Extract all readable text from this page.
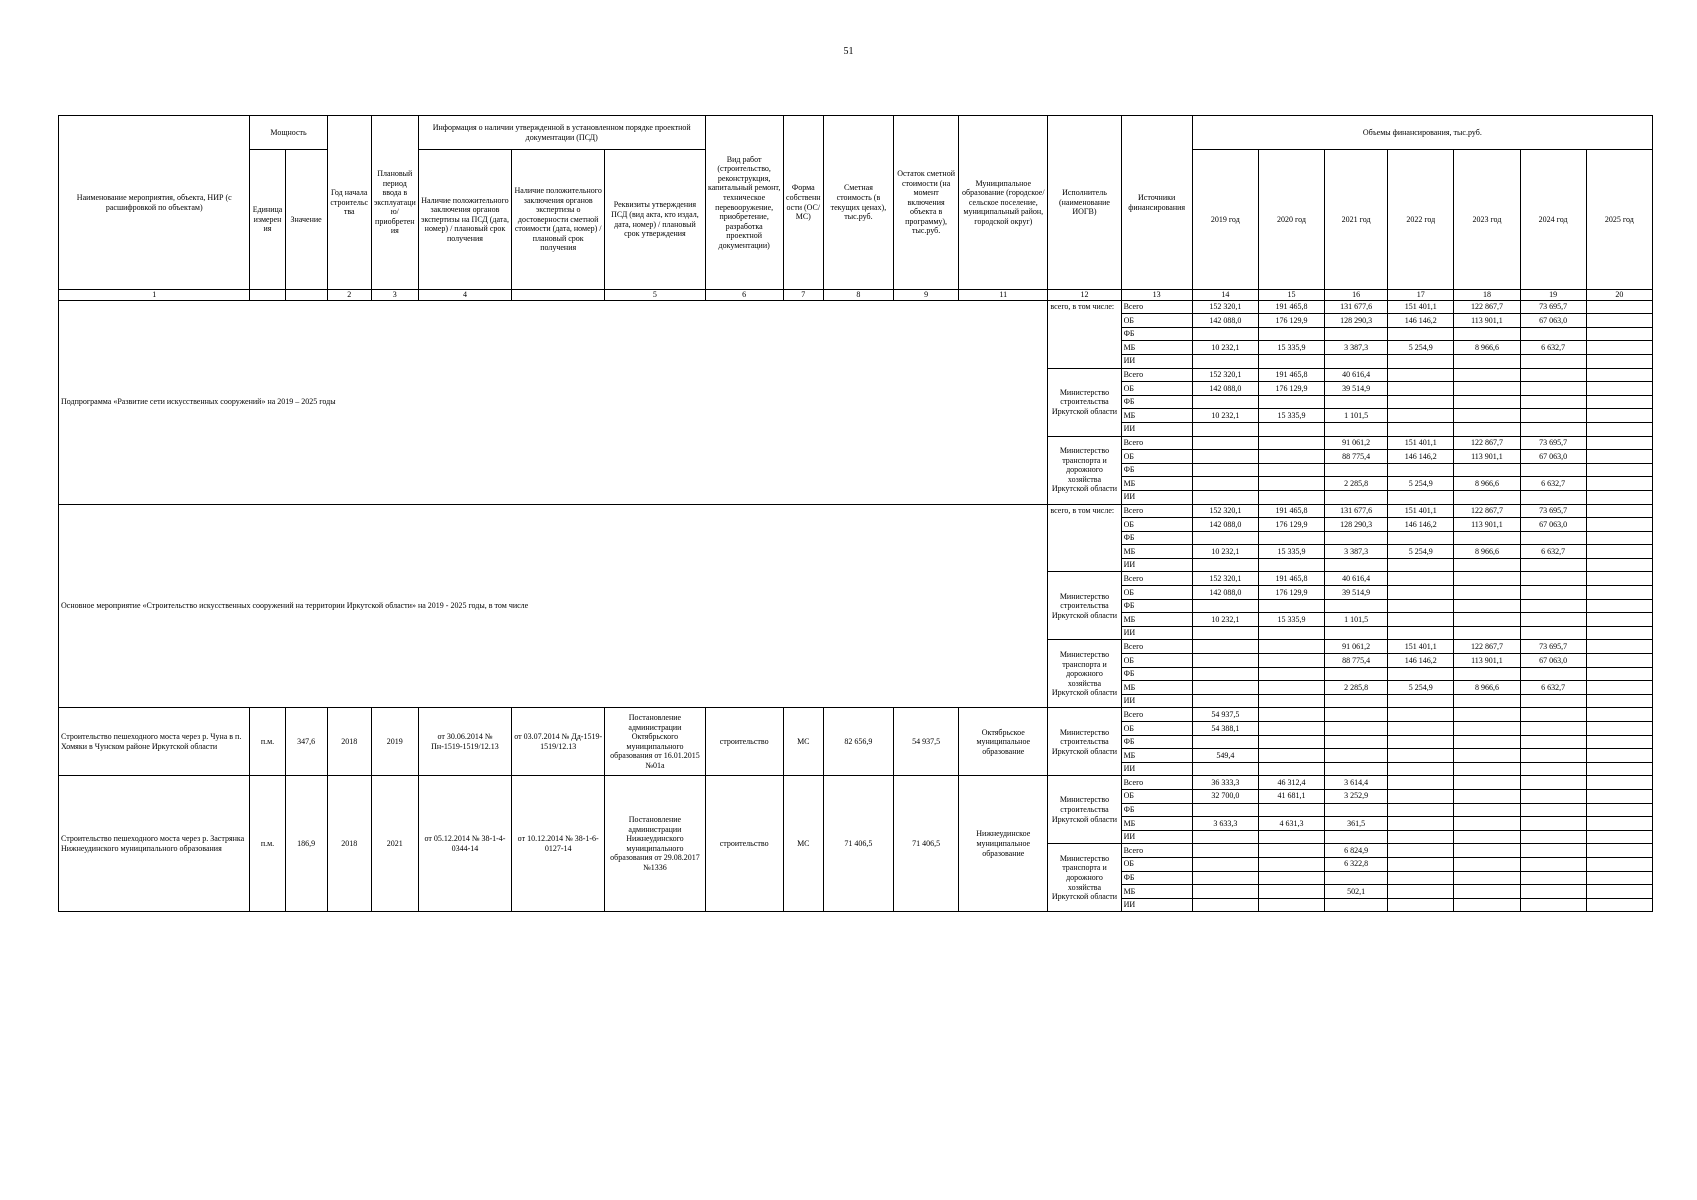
51
Наименование мероприятия, объекта, НИР (с расшифровкой по объектам)	Мощность		Год начала строительства	Плановый период ввода в эксплуатацию/приобретения	Информация о наличии утвержденной в установленном порядке проектной документации (ПСД)			Вид работ (строительство, реконструкция, капитальный ремонт, техническое перевооружение, приобретение, разработка проектной документации)	Форма собственности (ОС/МС)	Сметная стоимость (в текущих ценах), тыс.руб.	Остаток сметной стоимости (на момент включения объекта в программу), тыс.руб.	Муниципальное образование (городское/сельское поселение, муниципальный район, городской округ)	Исполнитель (наименование ИОГВ)	Источники финансирования	Объемы финансирования, тыс.руб.						
	Единица измерения	Значение			Наличие положительного заключения органов экспертизы на ПСД (дата, номер) / плановый срок получения	Наличие положительного заключения органов экспертизы о достоверности сметной стоимости (дата, номер) / плановый срок получения	Реквизиты утверждения ПСД (вид акта, кто издал, дата, номер) / плановый срок утверждения								2019 год	2020 год	2021 год	2022 год	2023 год	2024 год	2025 год
1			2	3	4		5	6	7	8	9	11	12	13	14	15	16	17	18	19	20
Подпрограмма «Развитие сети искусственных сооружений» на 2019 – 2025 годы													всего, в том числе:	Всего	152 320,1	191 465,8	131 677,6	151 401,1	122 867,7	73 695,7	
														ОБ	142 088,0	176 129,9	128 290,3	146 146,2	113 901,1	67 063,0	
														ФБ							
														МБ	10 232,1	15 335,9	3 387,3	5 254,9	8 966,6	6 632,7	
														ИИ							
													Министерство строительства Иркутской области	Всего	152 320,1	191 465,8	40 616,4				
														ОБ	142 088,0	176 129,9	39 514,9				
														ФБ							
														МБ	10 232,1	15 335,9	1 101,5				
														ИИ							
													Министерство транспорта и дорожного хозяйства Иркутской области	Всего			91 061,2	151 401,1	122 867,7	73 695,7	
														ОБ			88 775,4	146 146,2	113 901,1	67 063,0	
														ФБ							
														МБ			2 285,8	5 254,9	8 966,6	6 632,7	
														ИИ							
Основное мероприятие «Строительство искусственных сооружений на территории Иркутской области» на 2019 - 2025 годы, в том числе													всего, в том числе:	Всего	152 320,1	191 465,8	131 677,6	151 401,1	122 867,7	73 695,7	
														ОБ	142 088,0	176 129,9	128 290,3	146 146,2	113 901,1	67 063,0	
														ФБ							
														МБ	10 232,1	15 335,9	3 387,3	5 254,9	8 966,6	6 632,7	
														ИИ							
													Министерство строительства Иркутской области	Всего	152 320,1	191 465,8	40 616,4				
														ОБ	142 088,0	176 129,9	39 514,9				
														ФБ							
														МБ	10 232,1	15 335,9	1 101,5				
														ИИ							
													Министерство транспорта и дорожного хозяйства Иркутской области	Всего			91 061,2	151 401,1	122 867,7	73 695,7	
														ОБ			88 775,4	146 146,2	113 901,1	67 063,0	
														ФБ							
														МБ			2 285,8	5 254,9	8 966,6	6 632,7	
														ИИ							
Строительство пешеходного моста через р. Чуна в п. Хомяки в Чунском районе Иркутской области	п.м.	347,6	2018	2019	от 30.06.2014 № Пн-1519-1519/12.13	от 03.07.2014 № Дд-1519-1519/12.13	Постановление администрации Октябрьского муниципального образования от 16.01.2015 №01а	строительство	МС	82 656,9	54 937,5	Октябрьское муниципальное образование	Министерство строительства Иркутской области	Всего	54 937,5						
														ОБ	54 388,1						
														ФБ							
														МБ	549,4						
														ИИ							
Строительство пешеходного моста через р. Застрянка Нижнеудинского муниципального образования	п.м.	186,9	2018	2021	от 05.12.2014 № 38-1-4-0344-14	от 10.12.2014 № 38-1-6-0127-14	Постановление администрации Нижнеудинского муниципального образования от 29.08.2017 №1336	строительство	МС	71 406,5	71 406,5	Нижнеудинское муниципальное образование	Министерство строительства Иркутской области	Всего	36 333,3	46 312,4	3 614,4				
														ОБ	32 700,0	41 681,1	3 252,9				
														ФБ							
														МБ	3 633,3	4 631,3	361,5				
														ИИ							
													Министерство транспорта и дорожного хозяйства Иркутской области	Всего			6 824,9				
														ОБ			6 322,8				
														ФБ							
														МБ			502,1				
														ИИ							
